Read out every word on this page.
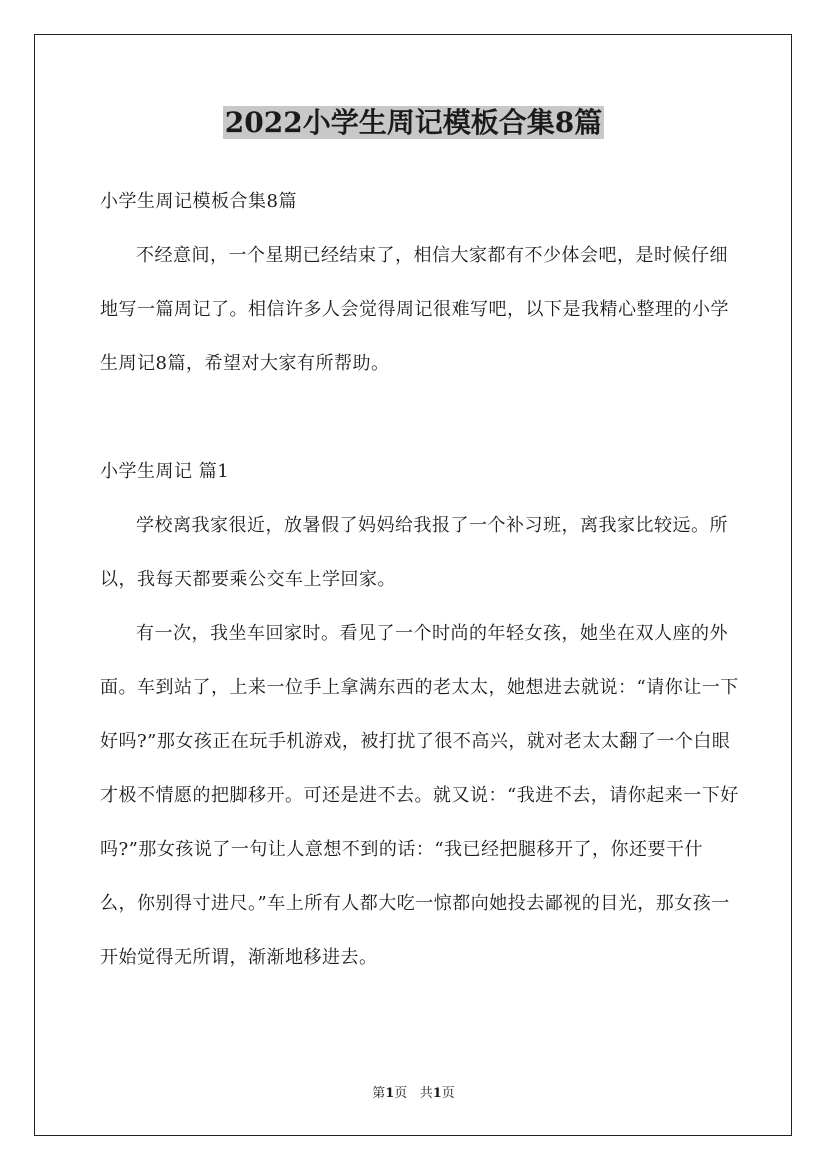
2022小学生周记模板合集8篇

小学生周记模板合集8篇

不经意间，一个星期已经结束了，相信大家都有不少体会吧，是时候仔细地写一篇周记了。相信许多人会觉得周记很难写吧，以下是我精心整理的小学生周记8篇，希望对大家有所帮助。

小学生周记 篇1

学校离我家很近，放暑假了妈妈给我报了一个补习班，离我家比较远。所以，我每天都要乘公交车上学回家。

有一次，我坐车回家时。看见了一个时尚的年轻女孩，她坐在双人座的外面。车到站了，上来一位手上拿满东西的老太太，她想进去就说：“请你让一下好吗?”那女孩正在玩手机游戏，被打扰了很不高兴，就对老太太翻了一个白眼才极不情愿的把脚移开。可还是进不去。就又说：“我进不去，请你起来一下好吗?”那女孩说了一句让人意想不到的话：“我已经把腿移开了，你还要干什么，你别得寸进尺。”车上所有人都大吃一惊都向她投去鄙视的目光，那女孩一开始觉得无所谓，渐渐地移进去。

第1页 共1页
